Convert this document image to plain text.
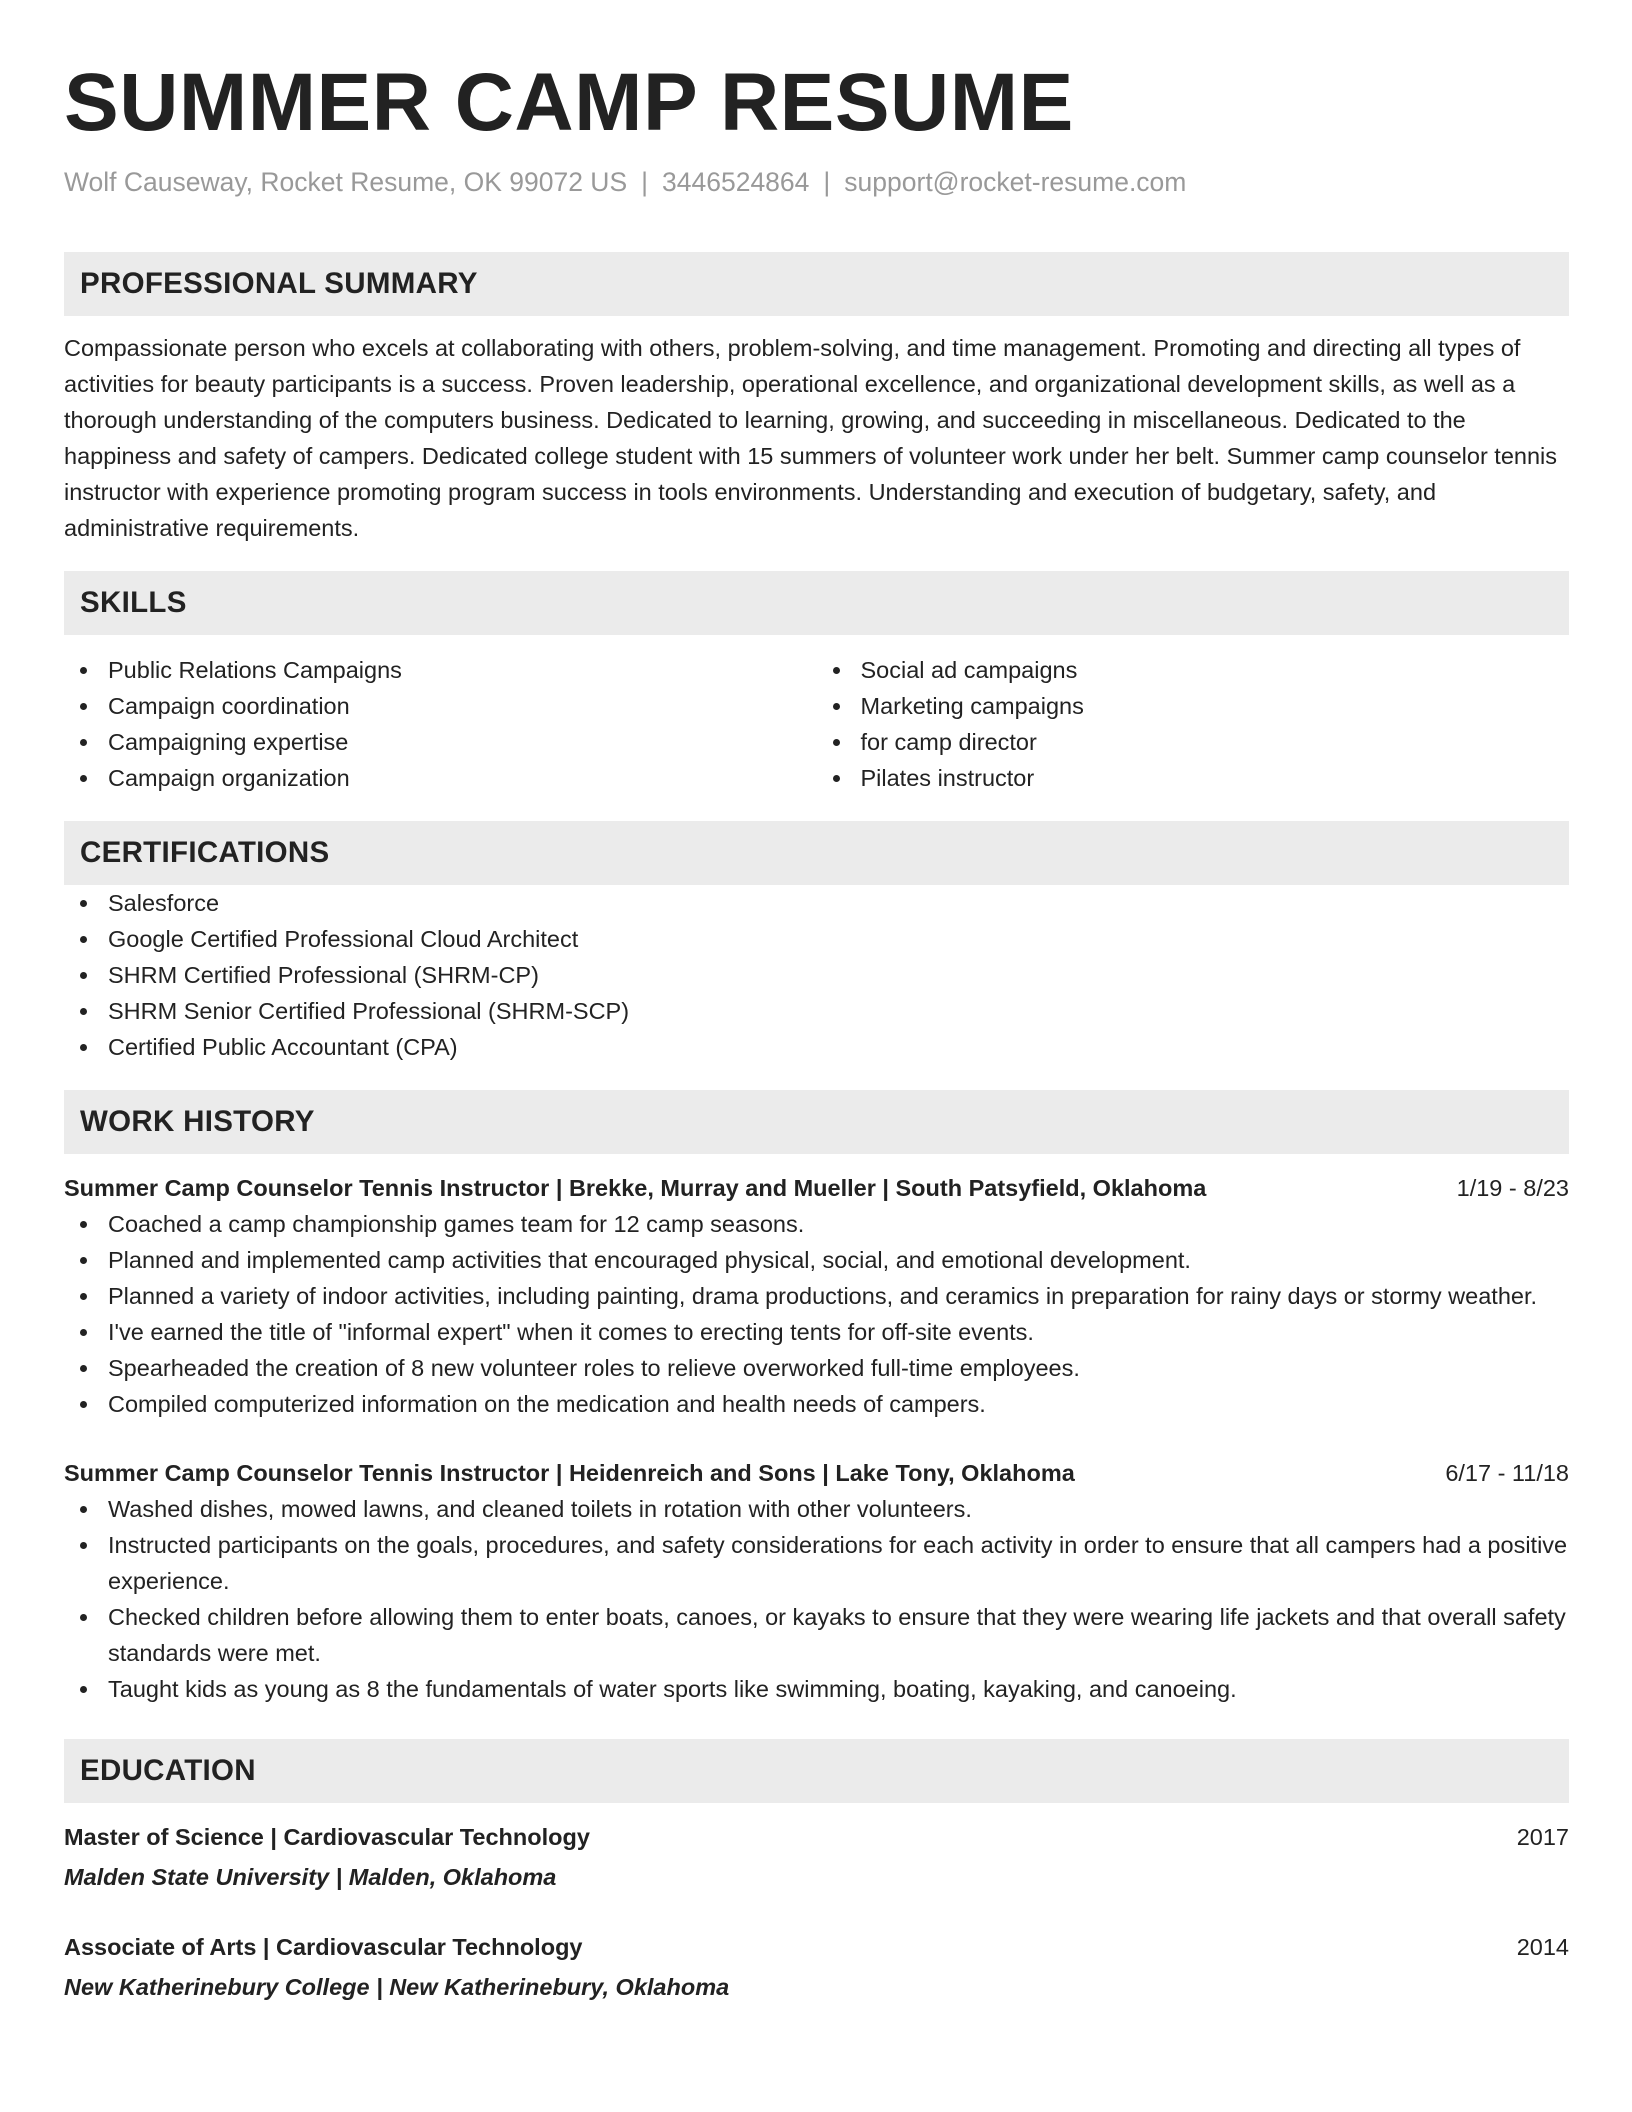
SUMMER CAMP RESUME
Wolf Causeway, Rocket Resume, OK 99072 US | 3446524864 | support@rocket-resume.com
PROFESSIONAL SUMMARY

Compassionate person who excels at collaborating with others, problem-solving, and time management. Promoting and directing all types of activities for beauty participants is a success. Proven leadership, operational excellence, and organizational development skills, as well as a thorough understanding of the computers business. Dedicated to learning, growing, and succeeding in miscellaneous. Dedicated to the happiness and safety of campers. Dedicated college student with 15 summers of volunteer work under her belt. Summer camp counselor tennis instructor with experience promoting program success in tools environments. Understanding and execution of budgetary, safety, and administrative requirements.

SKILLS
Public Relations Campaigns
Campaign coordination
Campaigning expertise
Campaign organization
Social ad campaigns
Marketing campaigns
for camp director
Pilates instructor
CERTIFICATIONS
Salesforce
Google Certified Professional Cloud Architect
SHRM Certified Professional (SHRM-CP)
SHRM Senior Certified Professional (SHRM-SCP)
Certified Public Accountant (CPA)
WORK HISTORY
Summer Camp Counselor Tennis Instructor | Brekke, Murray and Mueller | South Patsyfield, Oklahoma	1/19 - 8/23
Coached a camp championship games team for 12 camp seasons.
Planned and implemented camp activities that encouraged physical, social, and emotional development.
Planned a variety of indoor activities, including painting, drama productions, and ceramics in preparation for rainy days or stormy weather.
I've earned the title of "informal expert" when it comes to erecting tents for off-site events.
Spearheaded the creation of 8 new volunteer roles to relieve overworked full-time employees.
Compiled computerized information on the medication and health needs of campers.
Summer Camp Counselor Tennis Instructor | Heidenreich and Sons | Lake Tony, Oklahoma	6/17 - 11/18
Washed dishes, mowed lawns, and cleaned toilets in rotation with other volunteers.
Instructed participants on the goals, procedures, and safety considerations for each activity in order to ensure that all campers had a positive experience.
Checked children before allowing them to enter boats, canoes, or kayaks to ensure that they were wearing life jackets and that overall safety standards were met.
Taught kids as young as 8 the fundamentals of water sports like swimming, boating, kayaking, and canoeing.
EDUCATION
Master of Science | Cardiovascular Technology	2017
Malden State University | Malden, Oklahoma
Associate of Arts | Cardiovascular Technology	2014
New Katherinebury College | New Katherinebury, Oklahoma
